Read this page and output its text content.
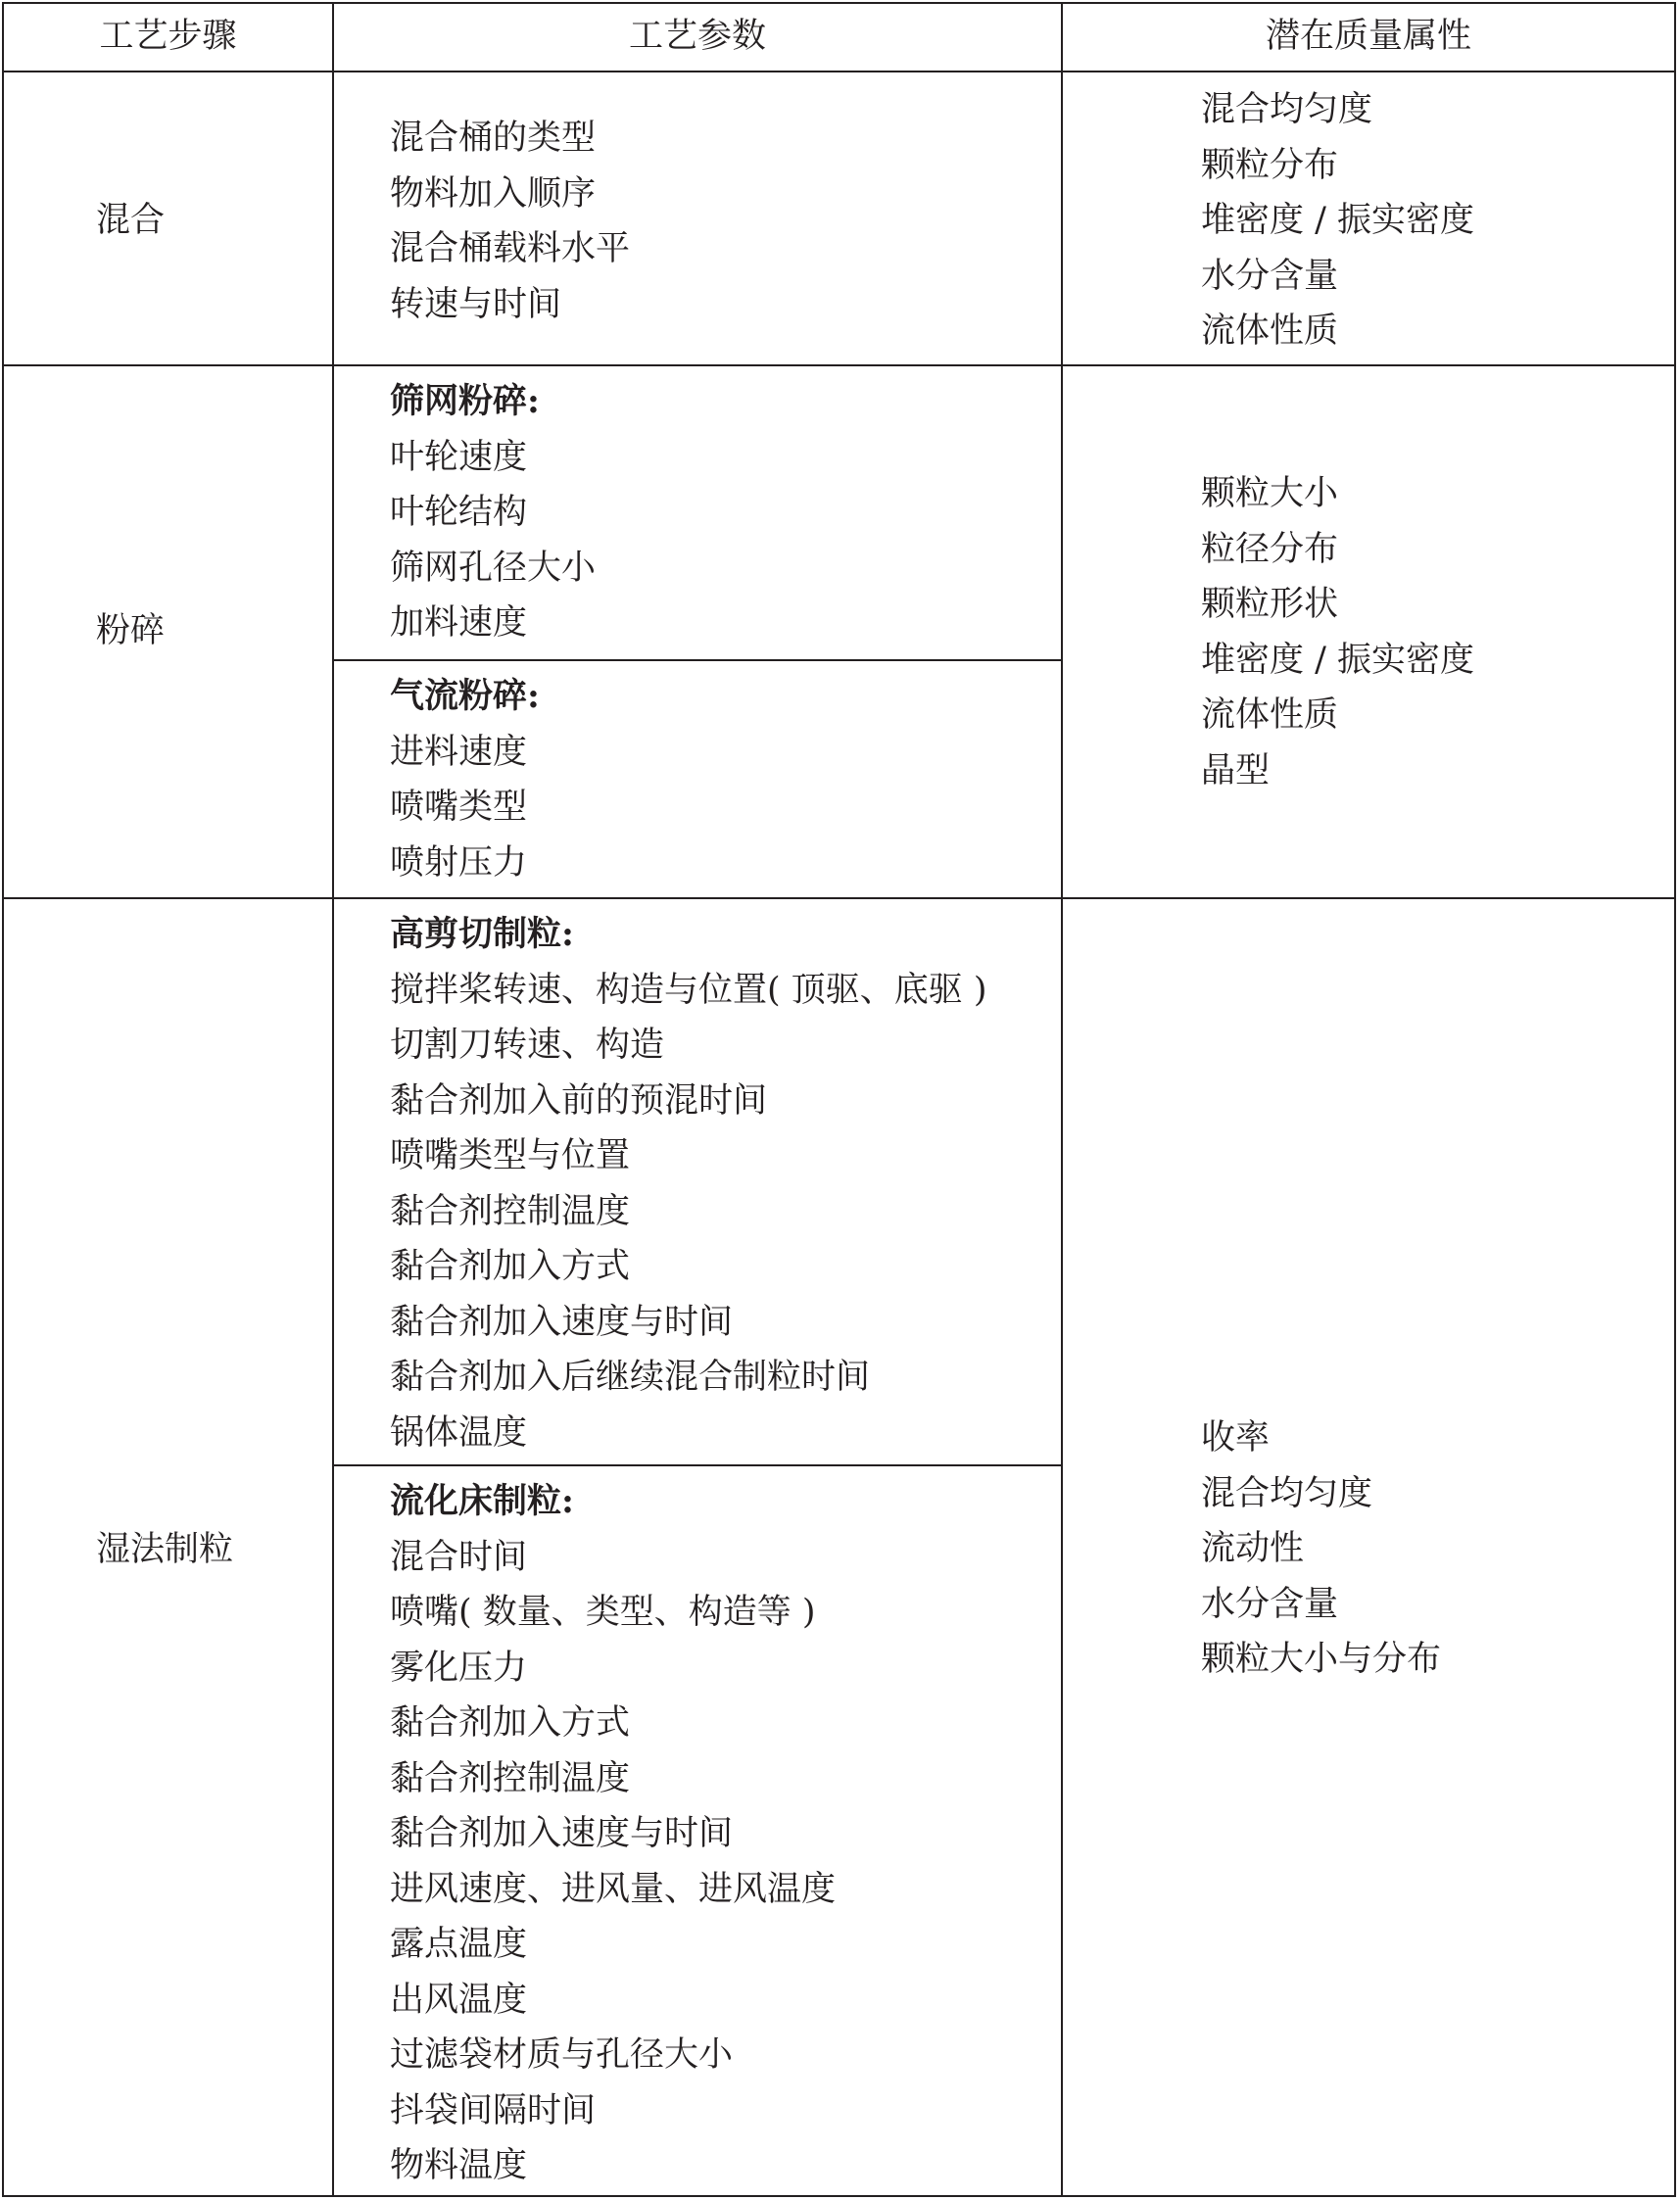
工艺步骤	工艺参数	潜在质量属性
混合
混合桶的类型
物料加入顺序
混合桶载料水平
转速与时间
混合均匀度
颗粒分布
堆密度 / 振实密度
水分含量
流体性质
粉碎
筛网粉碎:
叶轮速度
叶轮结构
筛网孔径大小
加料速度
气流粉碎:
进料速度
喷嘴类型
喷射压力
颗粒大小
粒径分布
颗粒形状
堆密度 / 振实密度
流体性质
晶型
湿法制粒
高剪切制粒:
搅拌桨转速、构造与位置( 顶驱、底驱 )
切割刀转速、构造
黏合剂加入前的预混时间
喷嘴类型与位置
黏合剂控制温度
黏合剂加入方式
黏合剂加入速度与时间
黏合剂加入后继续混合制粒时间
锅体温度
流化床制粒:
混合时间
喷嘴( 数量、类型、构造等 )
雾化压力
黏合剂加入方式
黏合剂控制温度
黏合剂加入速度与时间
进风速度、进风量、进风温度
露点温度
出风温度
过滤袋材质与孔径大小
抖袋间隔时间
物料温度
收率
混合均匀度
流动性
水分含量
颗粒大小与分布
